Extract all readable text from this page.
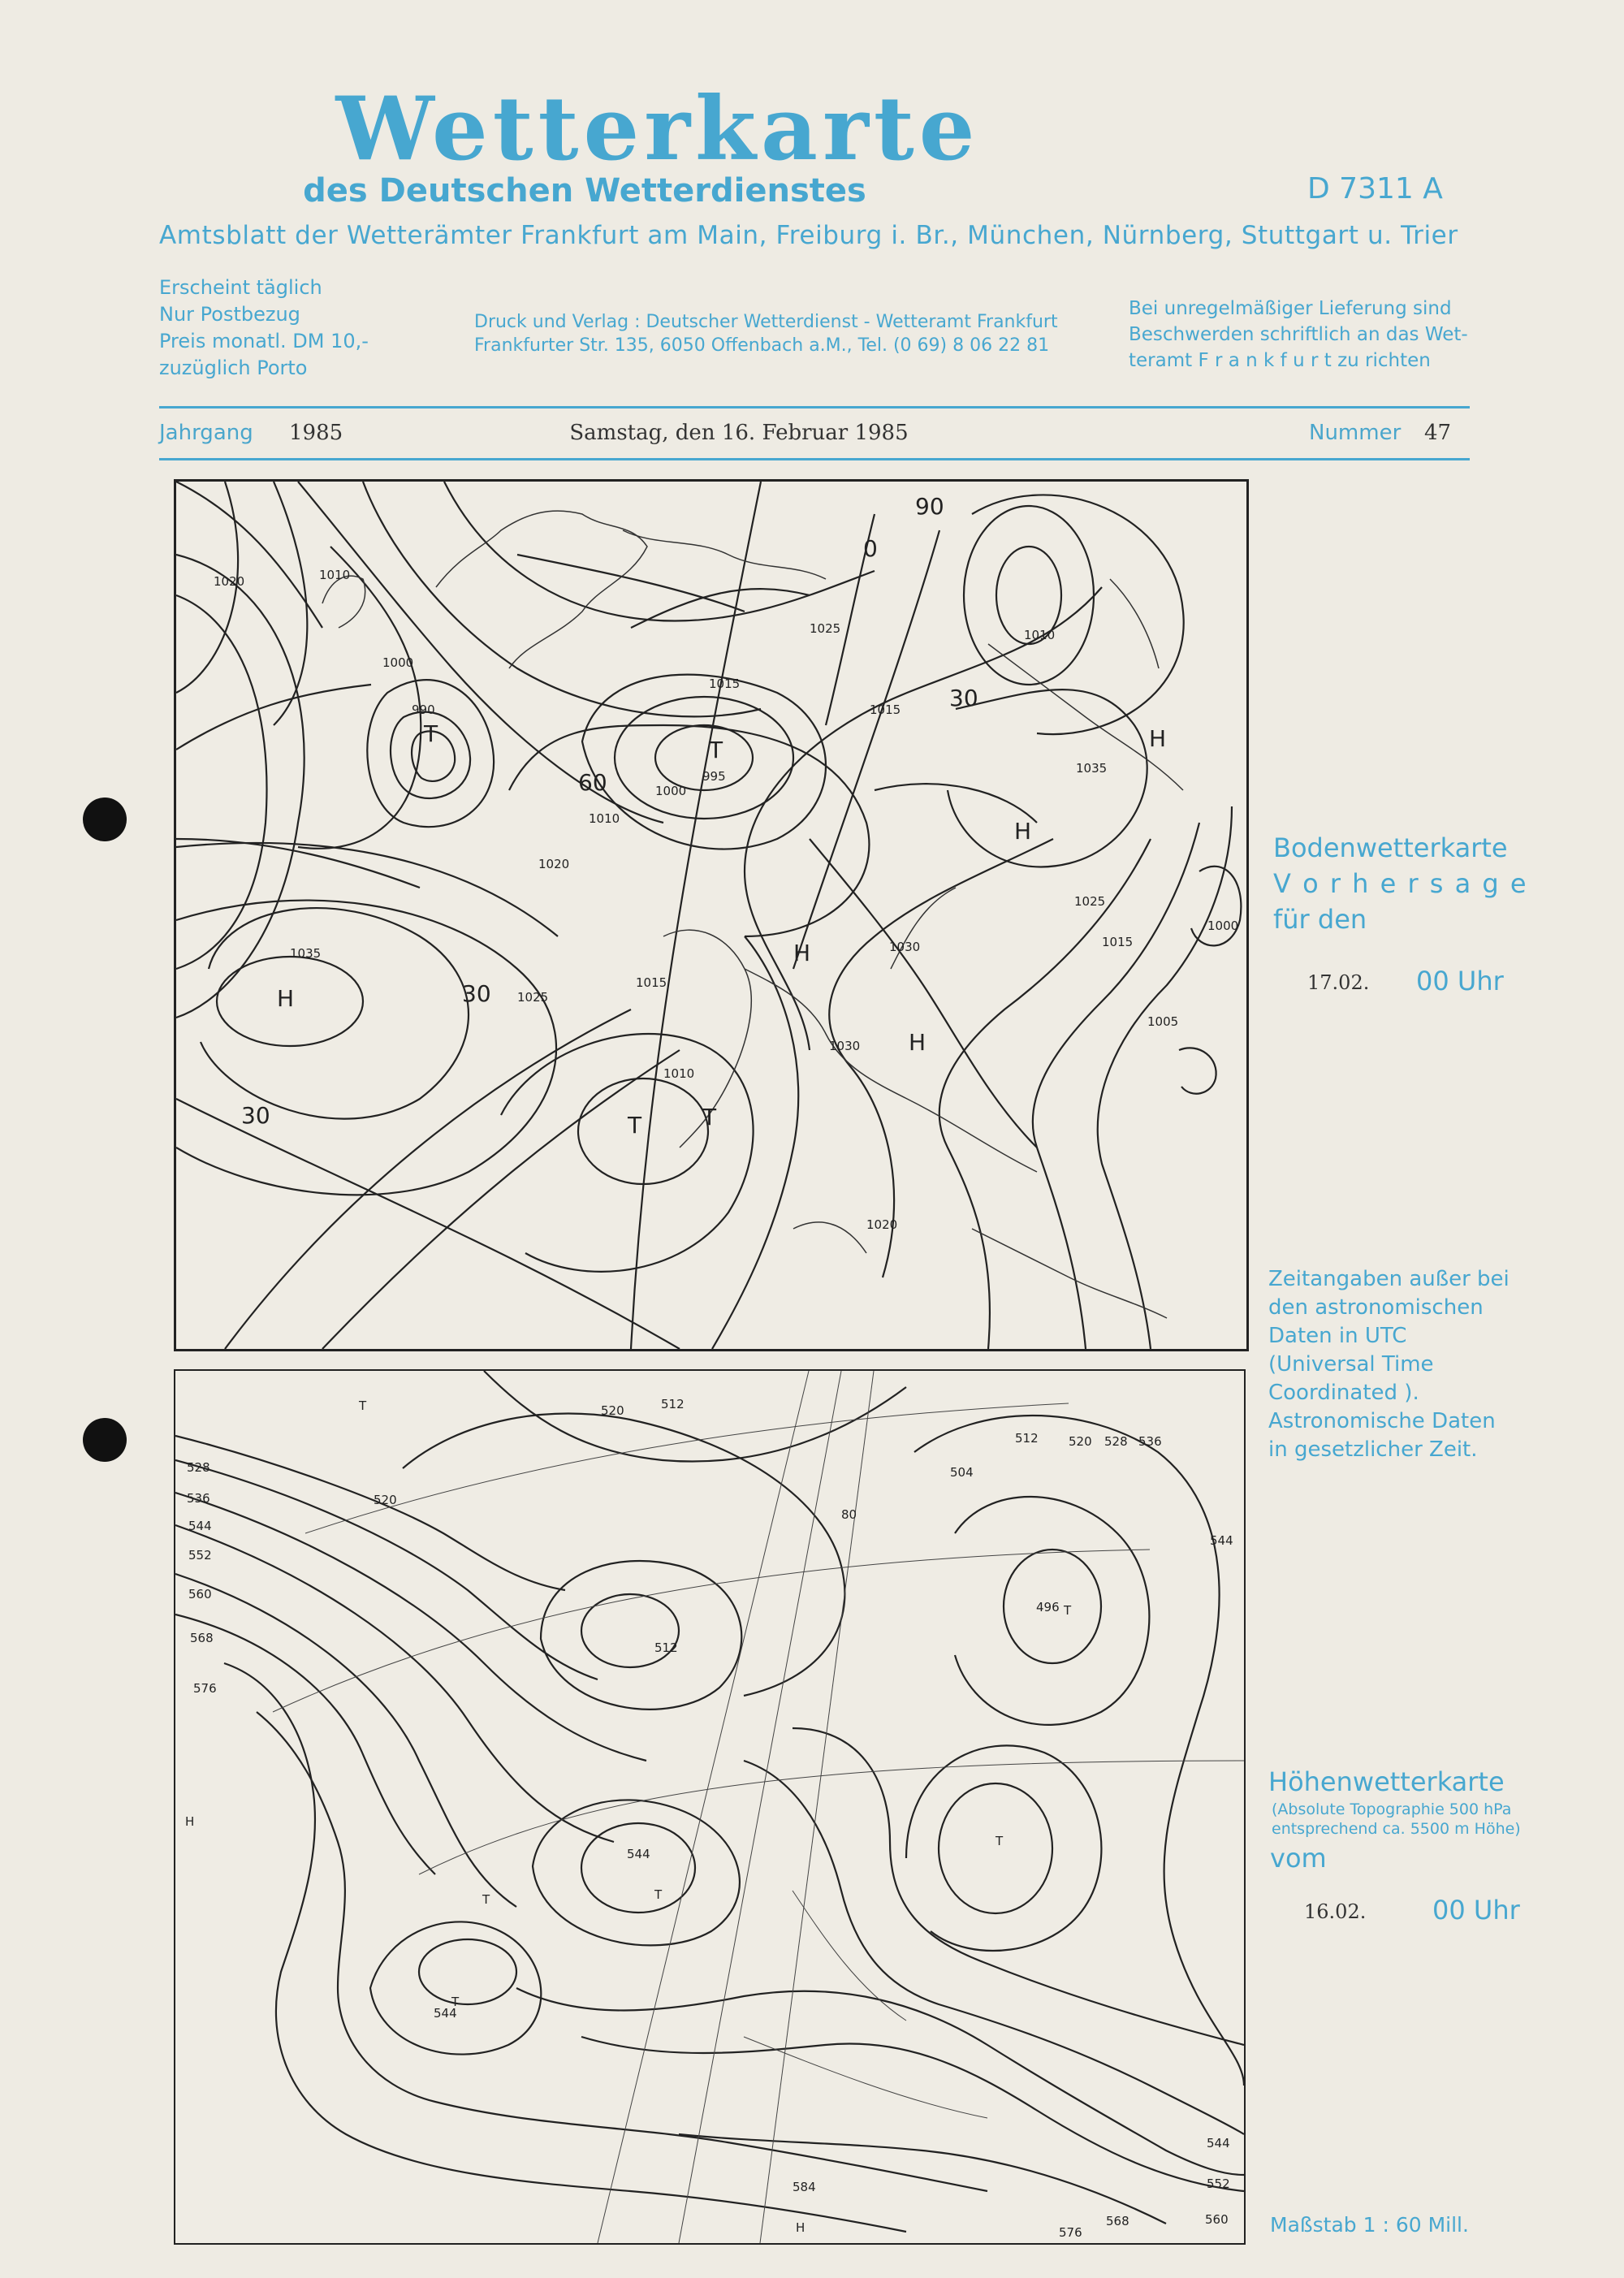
Wetterkarte
des Deutschen Wetterdienstes	D 7311 A
Amtsblatt der Wetterämter Frankfurt am Main, Freiburg i. Br., München, Nürnberg, Stuttgart u. Trier
Erscheint täglich
Nur Postbezug
Preis monatl. DM 10,-
zuzüglich Porto
Druck und Verlag : Deutscher Wetterdienst - Wetteramt Frankfurt
Frankfurter Str. 135, 6050 Offenbach a.M., Tel. (0 69) 8 06 22 81
Bei unregelmäßiger Lieferung sind
Beschwerden schriftlich an das Wet-
teramt F r a n k f u r t zu richten
Jahrgang 1985	Samstag, den 16. Februar 1985	Nummer 47
1020	1010
1000
990
T
1025
1015
995
1000
T
60
1010
1020
1035
H	30 1025
1015
1010
T	T
30
1030
H
1030 H
1035
H
1025
1015
1000
1005
1020
1010
H
1015
0
90
30
Bodenwetterkarte
V o r h e r s a g e
für den
17.02. 00 Uhr
Zeitangaben außer bei
den astronomischen
Daten in UTC
(Universal Time
Coordinated ).
Astronomische Daten
in gesetzlicher Zeit.
528
536
544
552
560
568
576
520
520	512
T
512
504
496 T
512 520 528 536
544
544
T
T
544
T
H
584
H	576
568	560
552
544
T
80
Höhenwetterkarte
(Absolute Topographie 500 hPa
entsprechend ca. 5500 m Höhe)
vom
16.02.	00 Uhr
Maßstab 1 : 60 Mill.
